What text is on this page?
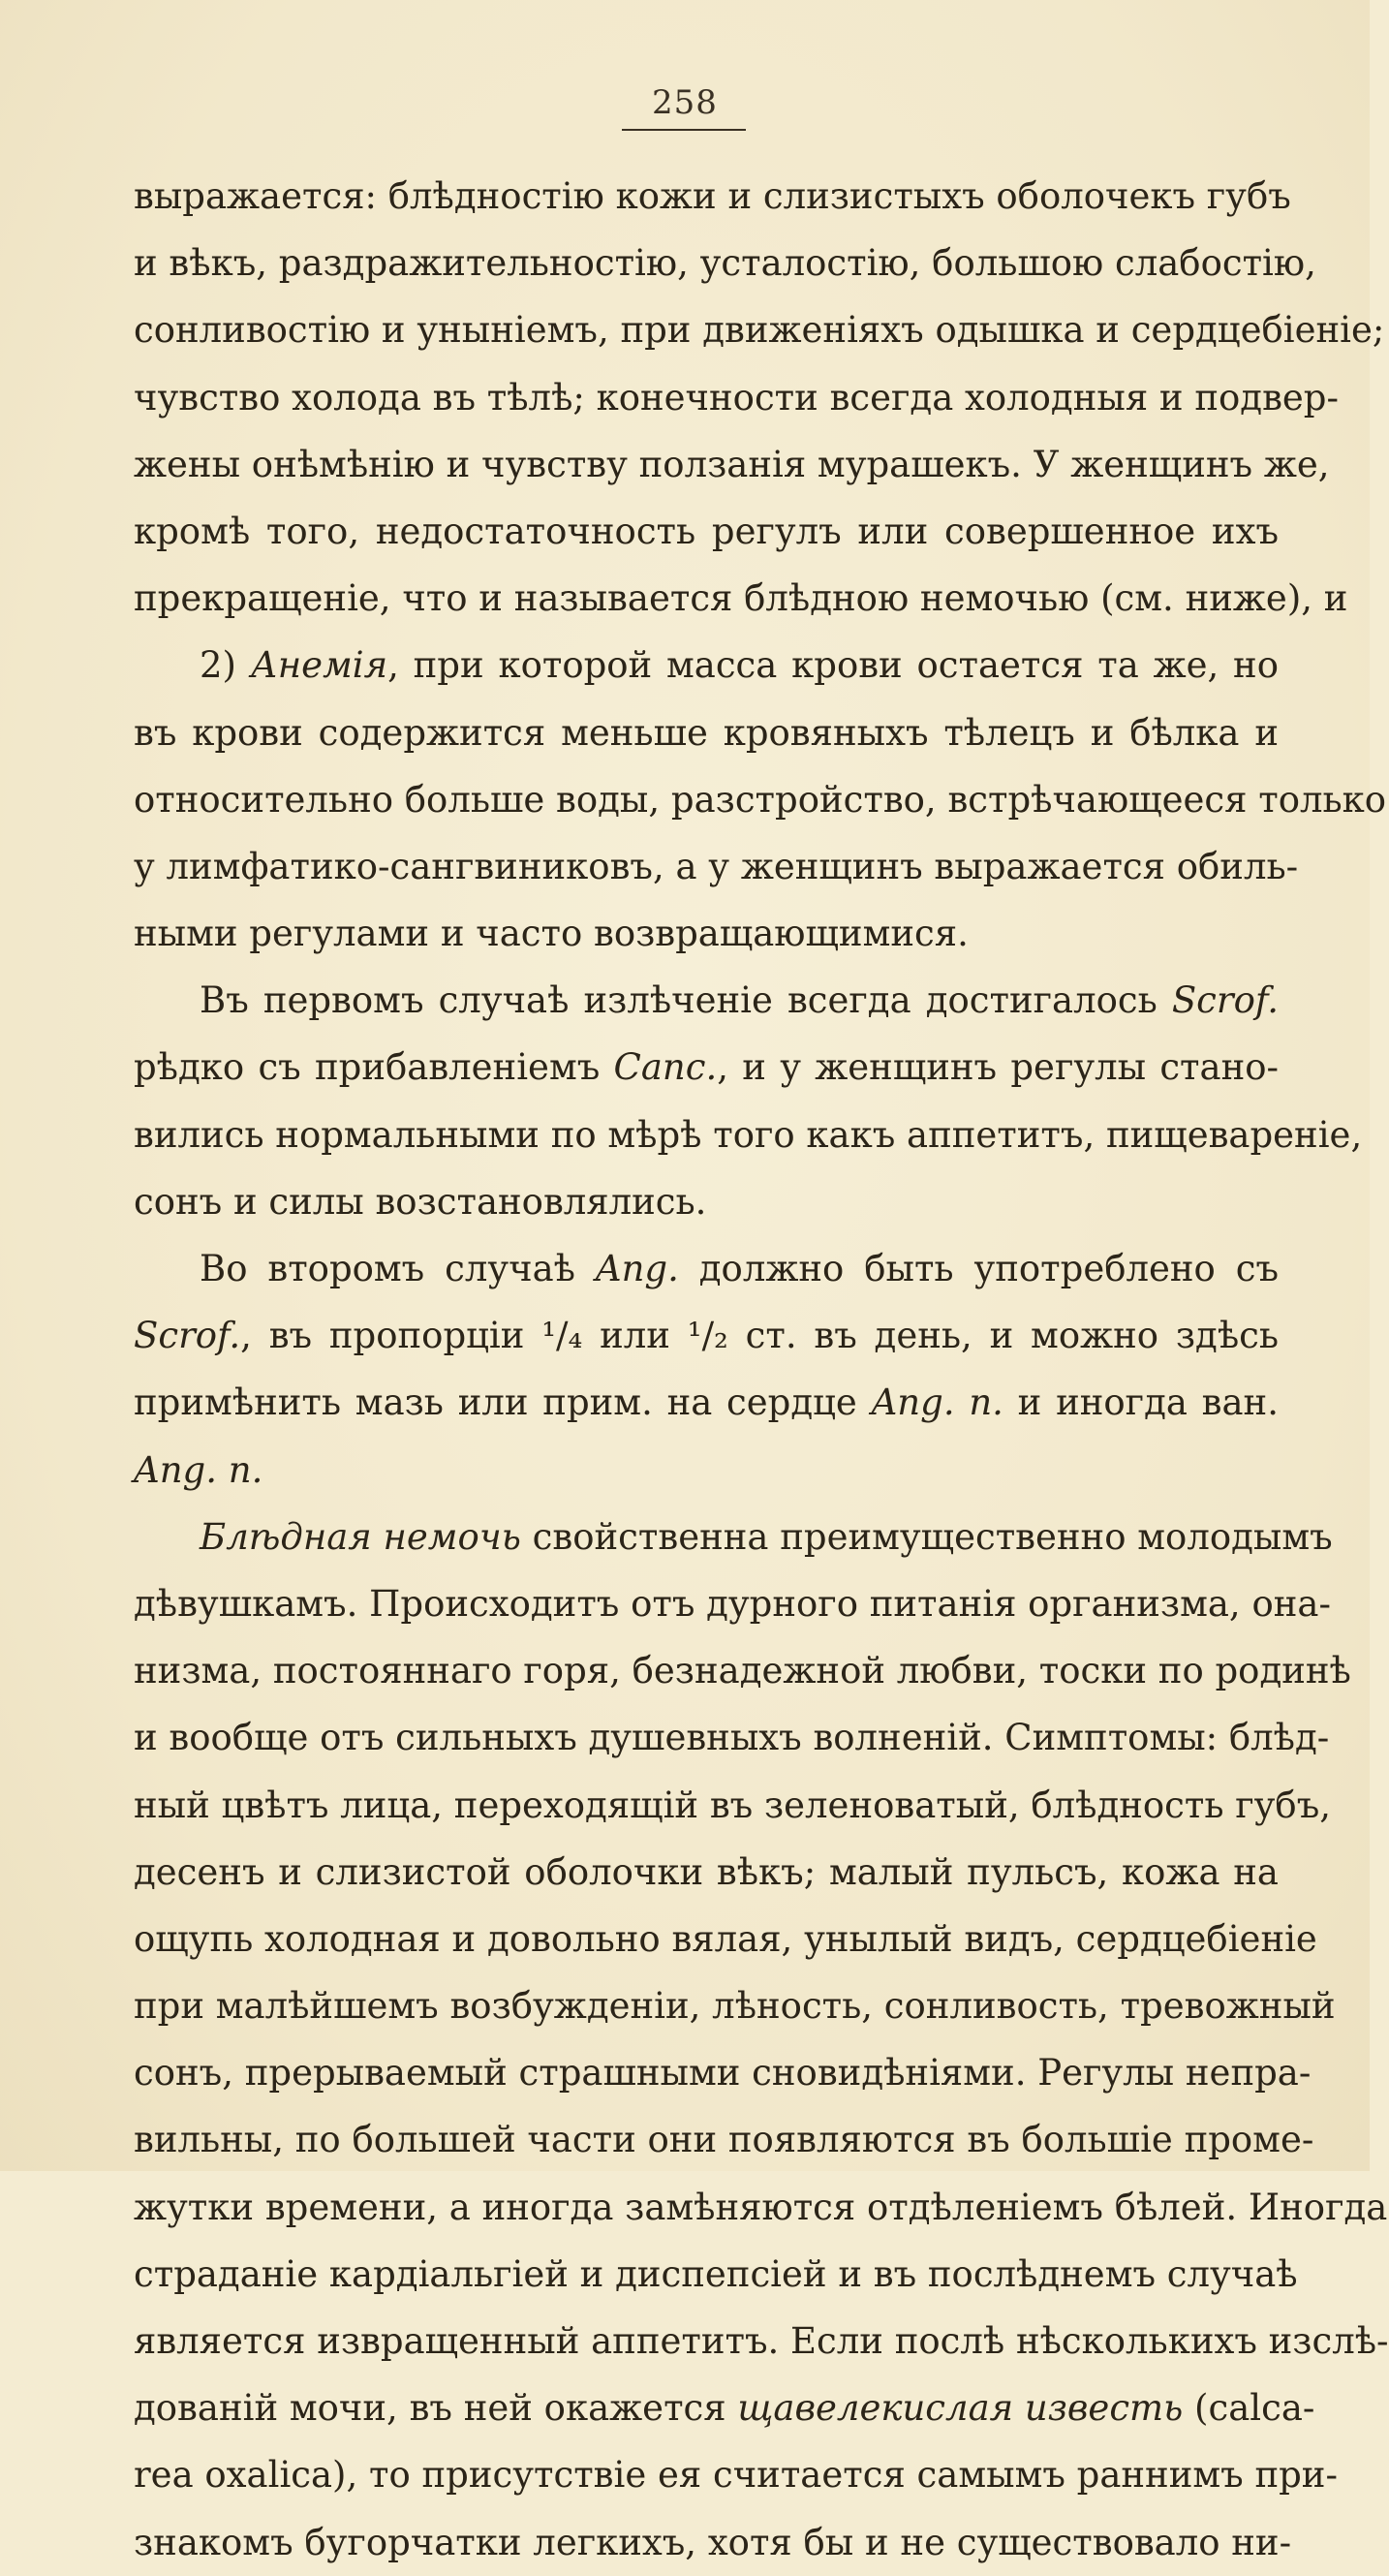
258
выражается: блѣдностію кожи и слизистыхъ оболочекъ губъ
и вѣкъ, раздражительностію, усталостію, большою слабостію,
сонливостію и уныніемъ, при движеніяхъ одышка и сердцебіеніе;
чувство холода въ тѣлѣ; конечности всегда холодныя и подвер-
жены онѣмѣнію и чувству ползанія мурашекъ. У женщинъ же,
кромѣ того, недостаточность регулъ или совершенное ихъ
прекращеніе, что и называется блѣдною немочью (см. ниже), и
2) Анемія, при которой масса крови остается та же, но
въ крови содержится меньше кровяныхъ тѣлецъ и бѣлка и
относительно больше воды, разстройство, встрѣчающееся только
у лимфатико-сангвиниковъ, а у женщинъ выражается обиль-
ными регулами и часто возвращающимися.
Въ первомъ случаѣ излѣченіе всегда достигалось Scrof.
рѣдко съ прибавленіемъ Canc., и у женщинъ регулы стано-
вились нормальными по мѣрѣ того какъ аппетитъ, пищевареніе,
сонъ и силы возстановлялись.
Во второмъ случаѣ Ang. должно быть употреблено съ
Scrof., въ пропорціи ¹/₄ или ¹/₂ ст. въ день, и можно здѣсь
примѣнить мазь или прим. на сердце Ang. n. и иногда ван.
Ang. n.
Блѣдная немочь свойственна преимущественно молодымъ
дѣвушкамъ. Происходитъ отъ дурного питанія организма, она-
низма, постояннаго горя, безнадежной любви, тоски по родинѣ
и вообще отъ сильныхъ душевныхъ волненій. Симптомы: блѣд-
ный цвѣтъ лица, переходящій въ зеленоватый, блѣдность губъ,
десенъ и слизистой оболочки вѣкъ; малый пульсъ, кожа на
ощупь холодная и довольно вялая, унылый видъ, сердцебіеніе
при малѣйшемъ возбужденіи, лѣность, сонливость, тревожный
сонъ, прерываемый страшными сновидѣніями. Регулы непра-
вильны, по большей части они появляются въ большіе проме-
жутки времени, а иногда замѣняются отдѣленіемъ бѣлей. Иногда
страданіе кардіальгіей и диспепсіей и въ послѣднемъ случаѣ
является извращенный аппетитъ. Если послѣ нѣсколькихъ изслѣ-
дованій мочи, въ ней окажется щавелекислая известь (calca-
rea oxalica), то присутствіе ея считается самымъ раннимъ при-
знакомъ бугорчатки легкихъ, хотя бы и не существовало ни-
